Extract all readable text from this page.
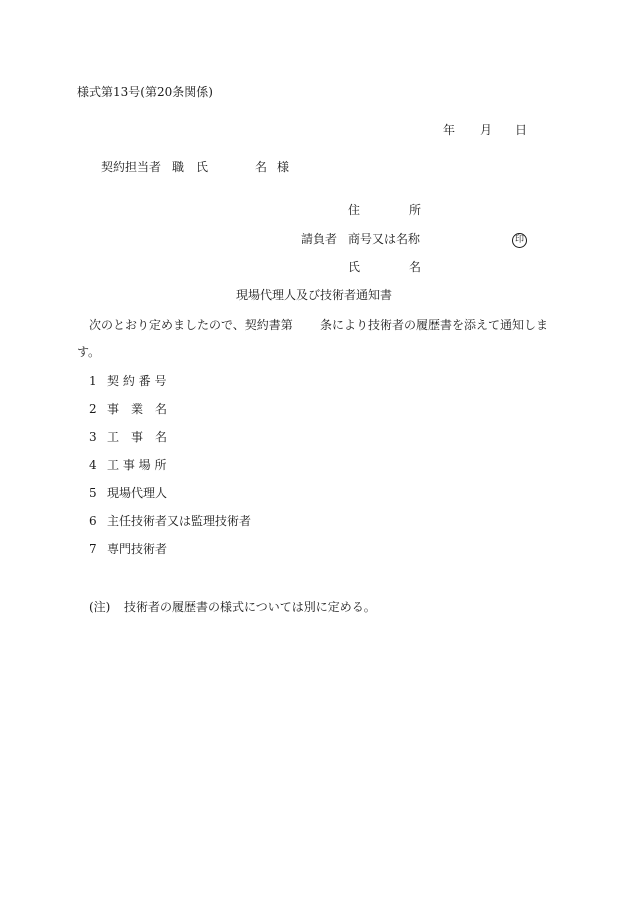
様式第13号(第20条関係)
年 月 日
契約担当者 職 氏	名 様
住	所
請負者 商号又は名称	印
氏	名
現場代理人及び技術者通知書
次のとおり定めましたので、契約書第 条により技術者の履歴書を添えて通知しま
す。
1 契 約 番 号
2 事　業　名
3 工　事　名
4 工 事 場 所
5 現場代理人
6 主任技術者又は監理技術者
7 専門技術者
(注) 技術者の履歴書の様式については別に定める。
